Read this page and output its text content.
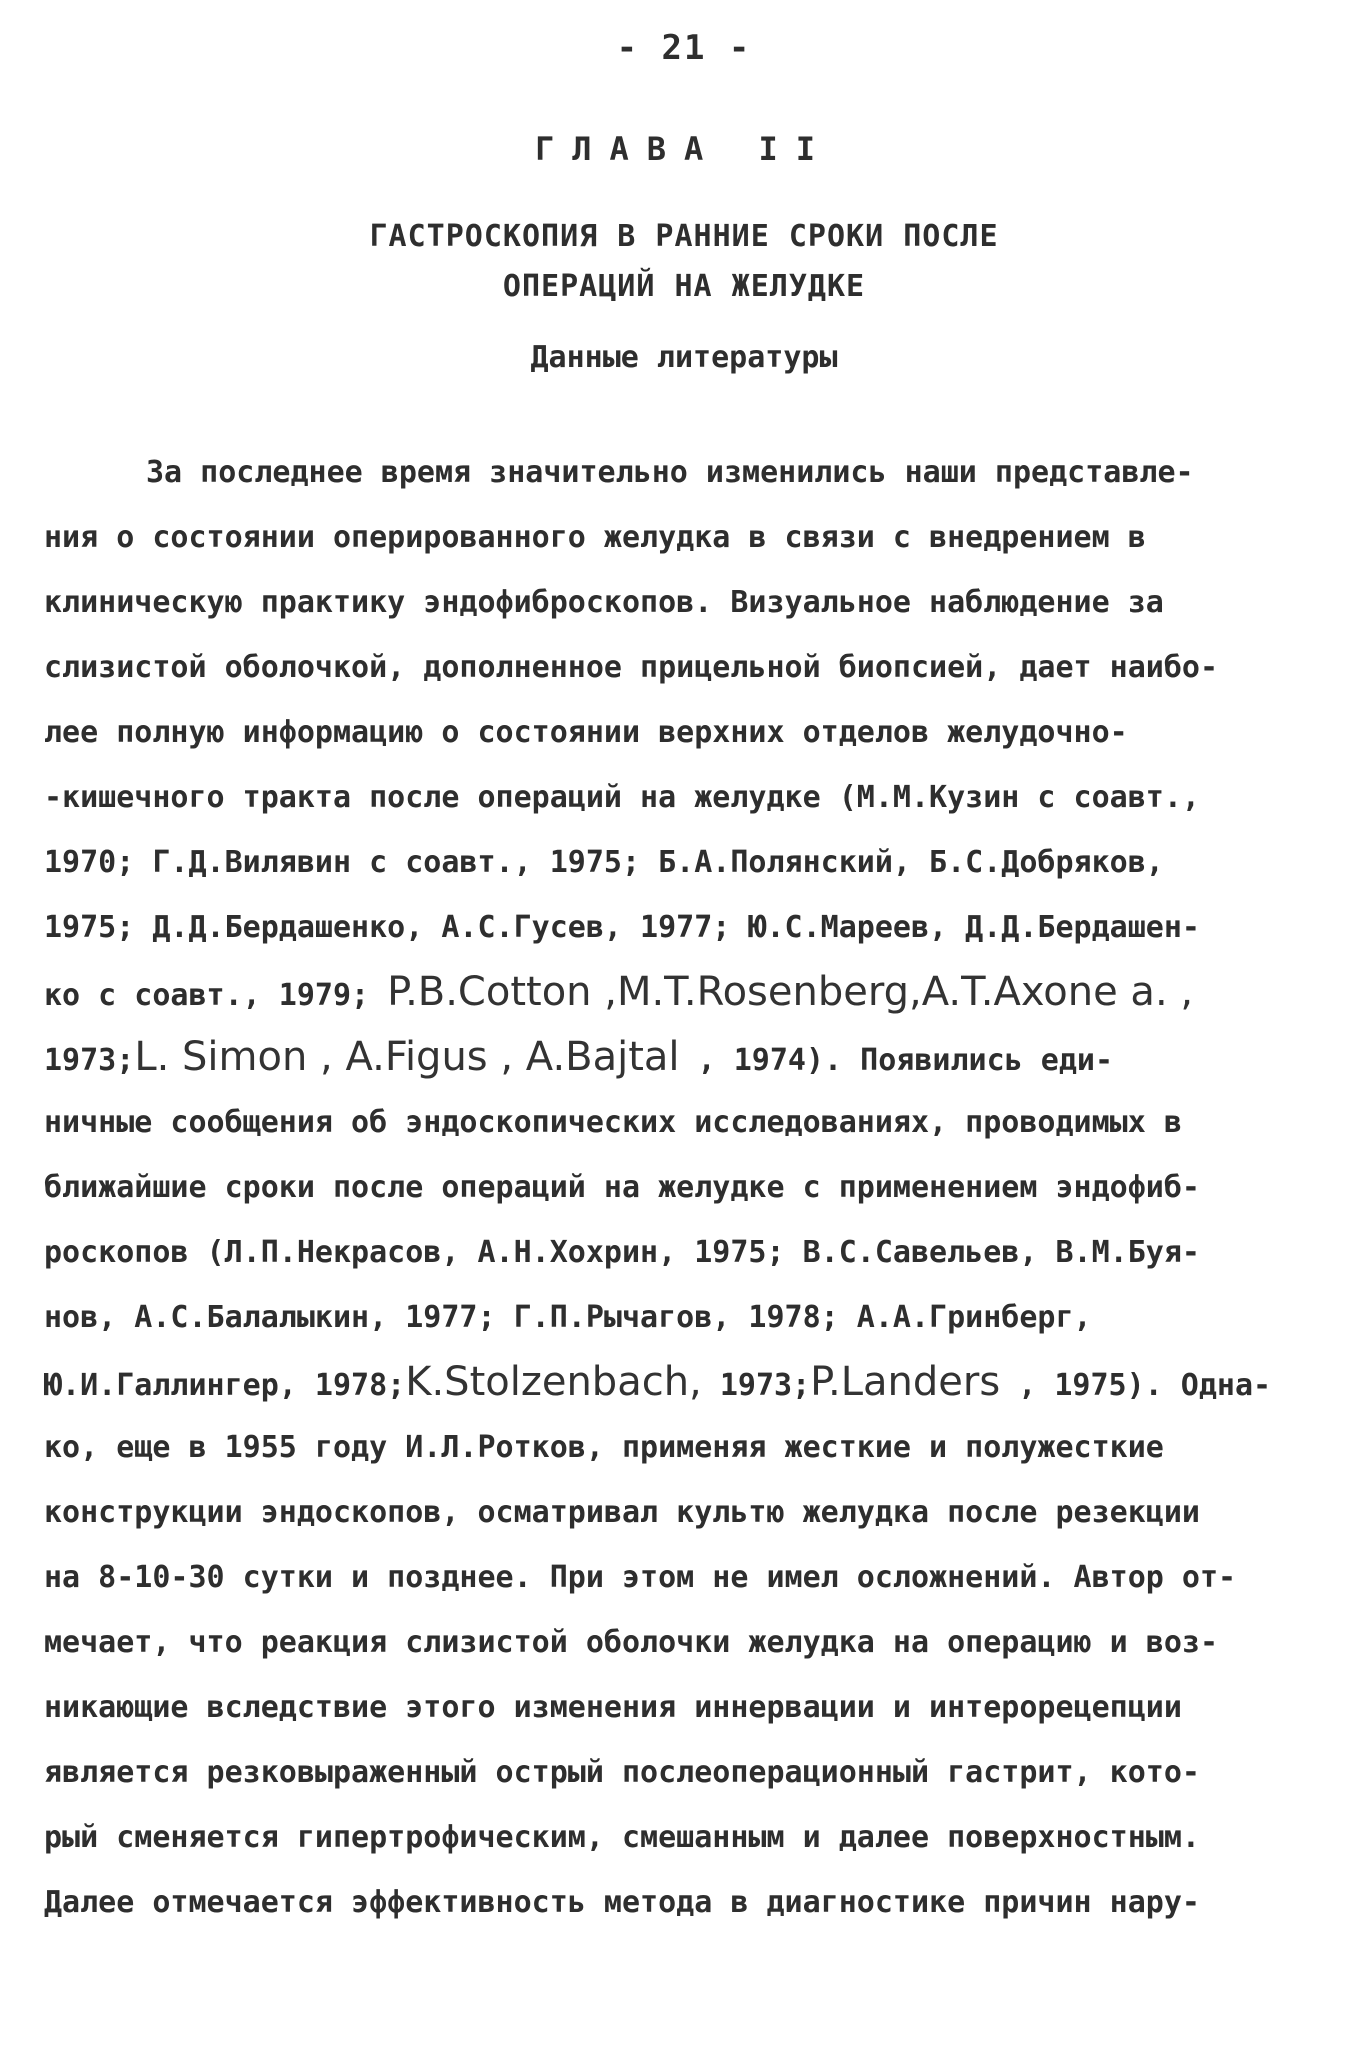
- 21 -
ГЛАВА II
ГАСТРОСКОПИЯ В РАННИЕ СРОКИ ПОСЛЕ
ОПЕРАЦИЙ НА ЖЕЛУДКЕ
Данные литературы
За последнее время значительно изменились наши представле-
ния о состоянии оперированного желудка в связи с внедрением в
клиническую практику эндофиброскопов. Визуальное наблюдение за
слизистой оболочкой, дополненное прицельной биопсией, дает наибо-
лее полную информацию о состоянии верхних отделов желудочно-
-кишечного тракта после операций на желудке (М.М.Кузин с соавт.,
1970; Г.Д.Вилявин с соавт., 1975; Б.А.Полянский, Б.С.Добряков,
1975; Д.Д.Бердашенко, А.С.Гусев, 1977; Ю.С.Мареев, Д.Д.Бердашен-
ко с соавт., 1979; P.B.Cotton ,M.T.Rosenberg,A.T.Axone a. ,
1973;L. Simon , A.Figus , A.Bajtal , 1974). Появились еди-
ничные сообщения об эндоскопических исследованиях, проводимых в
ближайшие сроки после операций на желудке с применением эндофиб-
роскопов (Л.П.Некрасов, А.Н.Хохрин, 1975; В.С.Савельев, В.М.Буя-
нов, А.С.Балалыкин, 1977; Г.П.Рычагов, 1978; А.А.Гринберг,
Ю.И.Галлингер, 1978;K.Stolzenbach, 1973;P.Landers , 1975). Одна-
ко, еще в 1955 году И.Л.Ротков, применяя жесткие и полужесткие
конструкции эндоскопов, осматривал культю желудка после резекции
на 8-10-30 сутки и позднее. При этом не имел осложнений. Автор от-
мечает, что реакция слизистой оболочки желудка на операцию и воз-
никающие вследствие этого изменения иннервации и интерорецепции
является резковыраженный острый послеоперационный гастрит, кото-
рый сменяется гипертрофическим, смешанным и далее поверхностным.
Далее отмечается эффективность метода в диагностике причин нару-
